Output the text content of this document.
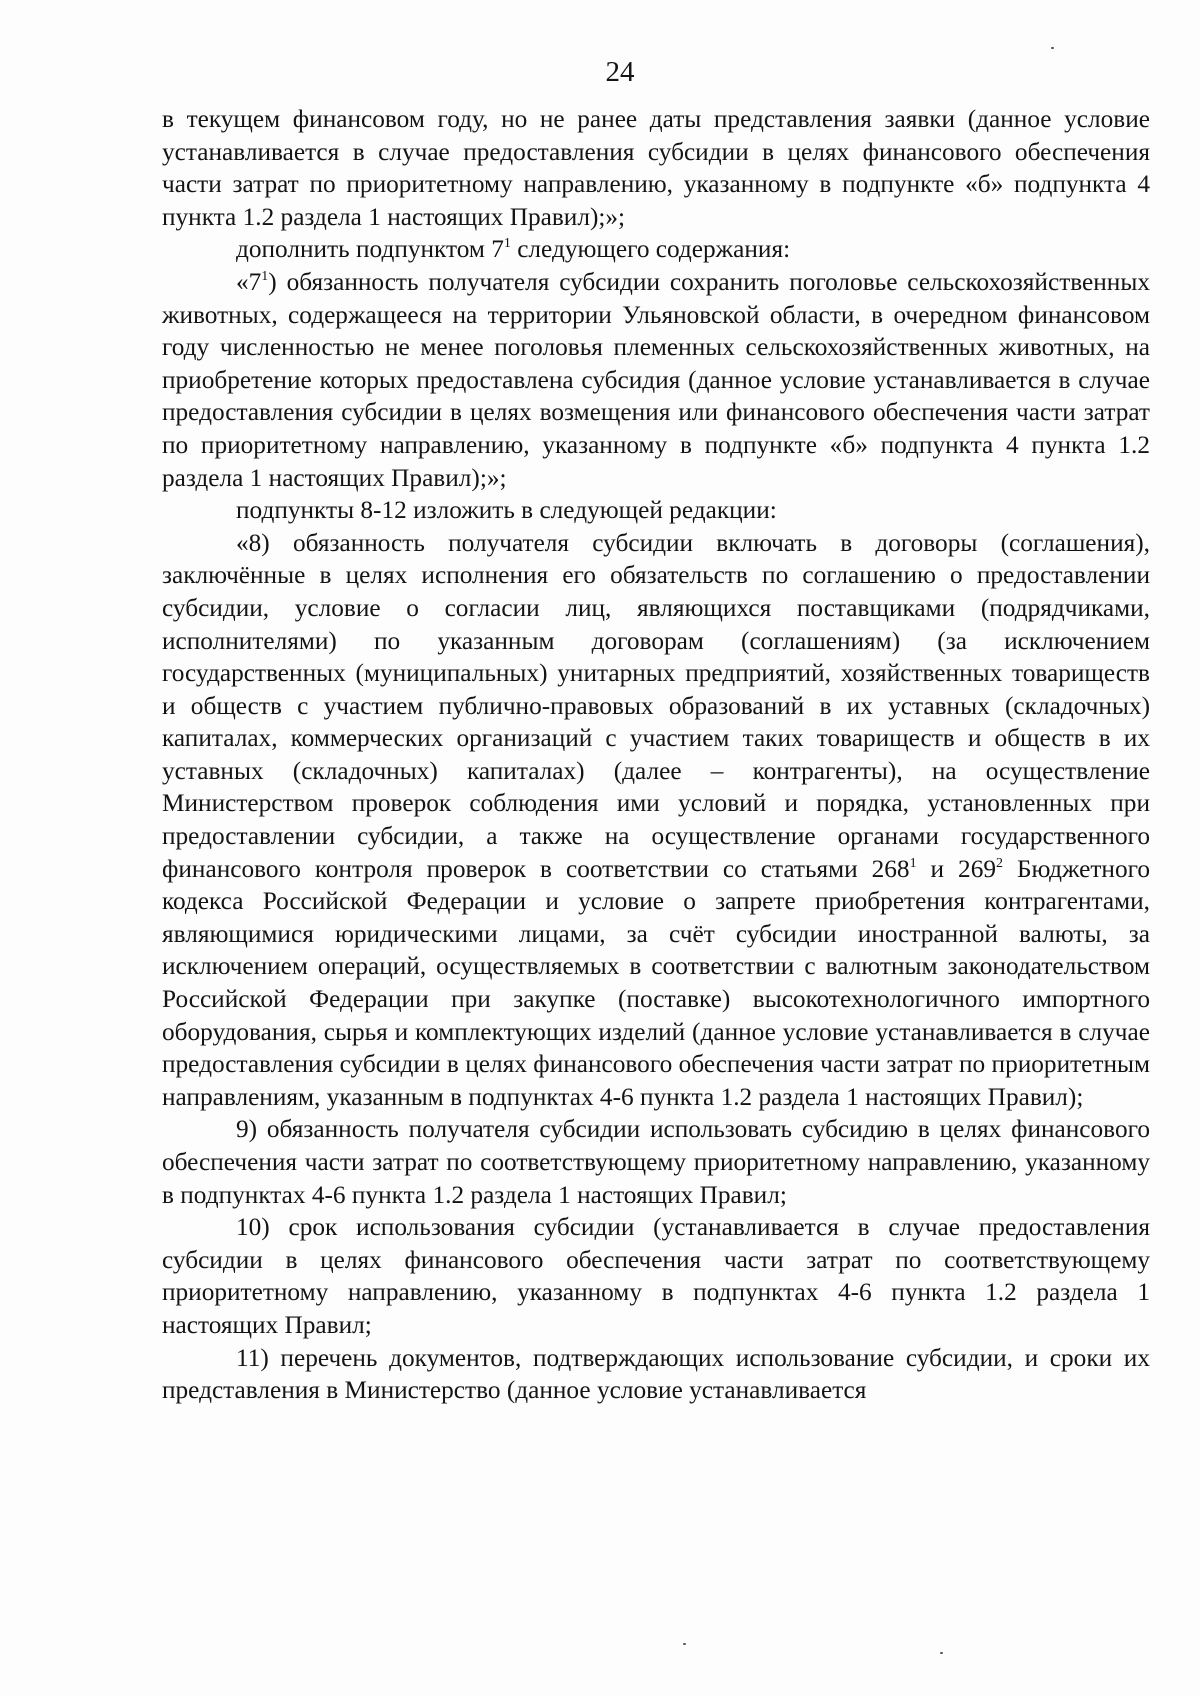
24

в текущем финансовом году, но не ранее даты представления заявки (данное условие устанавливается в случае предоставления субсидии в целях финансового обеспечения части затрат по приоритетному направлению, указанному в подпункте «б» подпункта 4 пункта 1.2 раздела 1 настоящих Правил);»;

дополнить подпунктом $7^1$ следующего содержания:

«$7^1$) обязанность получателя субсидии сохранить поголовье сельскохозяйственных животных, содержащееся на территории Ульяновской области, в очередном финансовом году численностью не менее поголовья племенных сельскохозяйственных животных, на приобретение которых предоставлена субсидия (данное условие устанавливается в случае предоставления субсидии в целях возмещения или финансового обеспечения части затрат по приоритетному направлению, указанному в подпункте «б» подпункта 4 пункта 1.2 раздела 1 настоящих Правил);»;

подпункты 8-12 изложить в следующей редакции:

«8) обязанность получателя субсидии включать в договоры (соглашения), заключённые в целях исполнения его обязательств по соглашению о предоставлении субсидии, условие о согласии лиц, являющихся поставщиками (подрядчиками, исполнителями) по указанным договорам (соглашениям) (за исключением государственных (муниципальных) унитарных предприятий, хозяйственных товариществ и обществ с участием публично-правовых образований в их уставных (складочных) капиталах, коммерческих организаций с участием таких товариществ и обществ в их уставных (складочных) капиталах) (далее – контрагенты), на осуществление Министерством проверок соблюдения ими условий и порядка, установленных при предоставлении субсидии, а также на осуществление органами государственного финансового контроля проверок в соответствии со статьями $268^1$ и $269^2$ Бюджетного кодекса Российской Федерации и условие о запрете приобретения контрагентами, являющимися юридическими лицами, за счёт субсидии иностранной валюты, за исключением операций, осуществляемых в соответствии с валютным законодательством Российской Федерации при закупке (поставке) высокотехнологичного импортного оборудования, сырья и комплектующих изделий (данное условие устанавливается в случае предоставления субсидии в целях финансового обеспечения части затрат по приоритетным направлениям, указанным в подпунктах 4-6 пункта 1.2 раздела 1 настоящих Правил);

9) обязанность получателя субсидии использовать субсидию в целях финансового обеспечения части затрат по соответствующему приоритетному направлению, указанному в подпунктах 4-6 пункта 1.2 раздела 1 настоящих Правил;

10) срок использования субсидии (устанавливается в случае предоставления субсидии в целях финансового обеспечения части затрат по соответствующему приоритетному направлению, указанному в подпунктах 4-6 пункта 1.2 раздела 1 настоящих Правил;

11) перечень документов, подтверждающих использование субсидии, и сроки их представления в Министерство (данное условие устанавливается
